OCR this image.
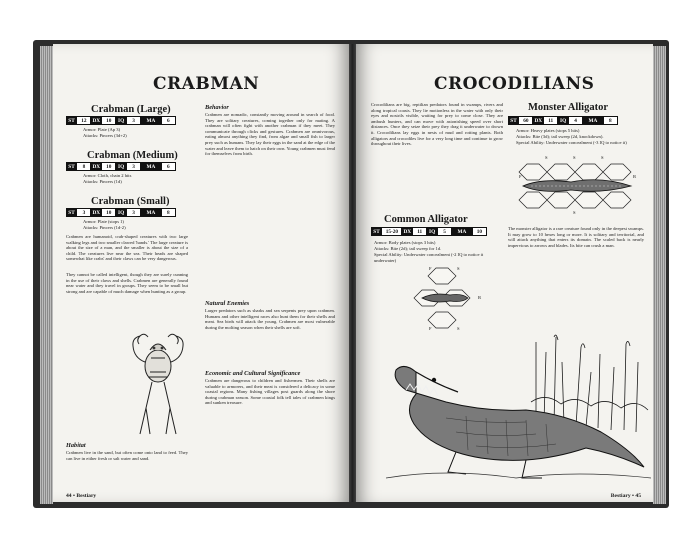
CRABMAN
Crabman (Large)
ST	12	DX	10	IQ	3	MA	6
Armor: Plate (Ap 3)
Attacks: Pincers (3d+2)
Crabman (Medium)
ST	8	DX	10	IQ	3	MA	6
Armor: Cloth, chain 2 hits
Attacks: Pincers (1d)
Crabman (Small)
ST	3	DX	10	IQ	3	MA	8
Armor: Plate (stops 1)
Attacks: Pincers (1d-2)

Crabmen are humanoid, crab-shaped creatures with two large walking legs and two smaller clawed 'hands.' The large creature is about the size of a man, and the smaller is about the size of a child. The creatures live near the sea. Their heads are shaped somewhat like crabs' and their claws can be very dangerous.

They cannot be called intelligent, though they are surely cunning in the use of their claws and shells. Crabmen are generally found near water and they travel in groups. They seem to be small but strong and are capable of much damage when hunting as a group.

Habitat

Crabmen live in the sand, but often come onto land to feed. They can live in either fresh or salt water and sand.

Behavior

Crabmen are nomadic, constantly moving around in search of food. They are solitary creatures, coming together only for mating. A crabman will often fight with another crabman if they meet. They communicate through clicks and gestures. Crabmen are omnivorous, eating almost anything they find, from algae and small fish to larger prey such as humans. They lay their eggs in the sand at the edge of the water and leave them to hatch on their own. Young crabmen must fend for themselves from birth.

Natural Enemies

Larger predators such as sharks and sea serpents prey upon crabmen. Humans and other intelligent races also hunt them for their shells and meat. Sea birds will attack the young. Crabmen are most vulnerable during the molting season when their shells are soft.

Economic and Cultural Significance

Crabmen are dangerous to children and fishermen. Their shells are valuable to armorers, and their meat is considered a delicacy in some coastal regions. Many fishing villages post guards along the shore during crabman season. Some coastal folk tell tales of crabmen kings and sunken treasure.

44 • Bestiary
CROCODILIANS

Crocodilians are big, reptilian predators found in swamps, rivers and along tropical coasts. They lie motionless in the water with only their eyes and nostrils visible, waiting for prey to come close. They are ambush hunters, and can move with astonishing speed over short distances. Once they seize their prey they drag it underwater to drown it. Crocodilians lay eggs in nests of mud and rotting plants. Both alligators and crocodiles live for a very long time and continue to grow throughout their lives.

Monster Alligator
ST	60	DX	11	IQ	4	MA	8
Armor: Heavy plates (stops 5 hits)
Attacks: Bite (3d); tail sweep (2d, knockdown).
Special Ability: Underwater concealment (-3 IQ to notice it)
S	S
F	R
S
S

The monster alligator is a rare creature found only in the deepest swamps. It may grow to 10 hexes long or more. It is solitary and territorial, and will attack anything that enters its domain. The scaled back is nearly impervious to arrows and blades. Its bite can crush a man.

Common Alligator
ST	15-20	DX	11	IQ	5	MA	10
Armor: Body plates (stops 3 hits)
Attacks: Bite (2d); tail sweep for 1d.
Special Ability: Underwater concealment (-2 IQ to notice it underwater)
F	S
R
F	S
Bestiary • 45
